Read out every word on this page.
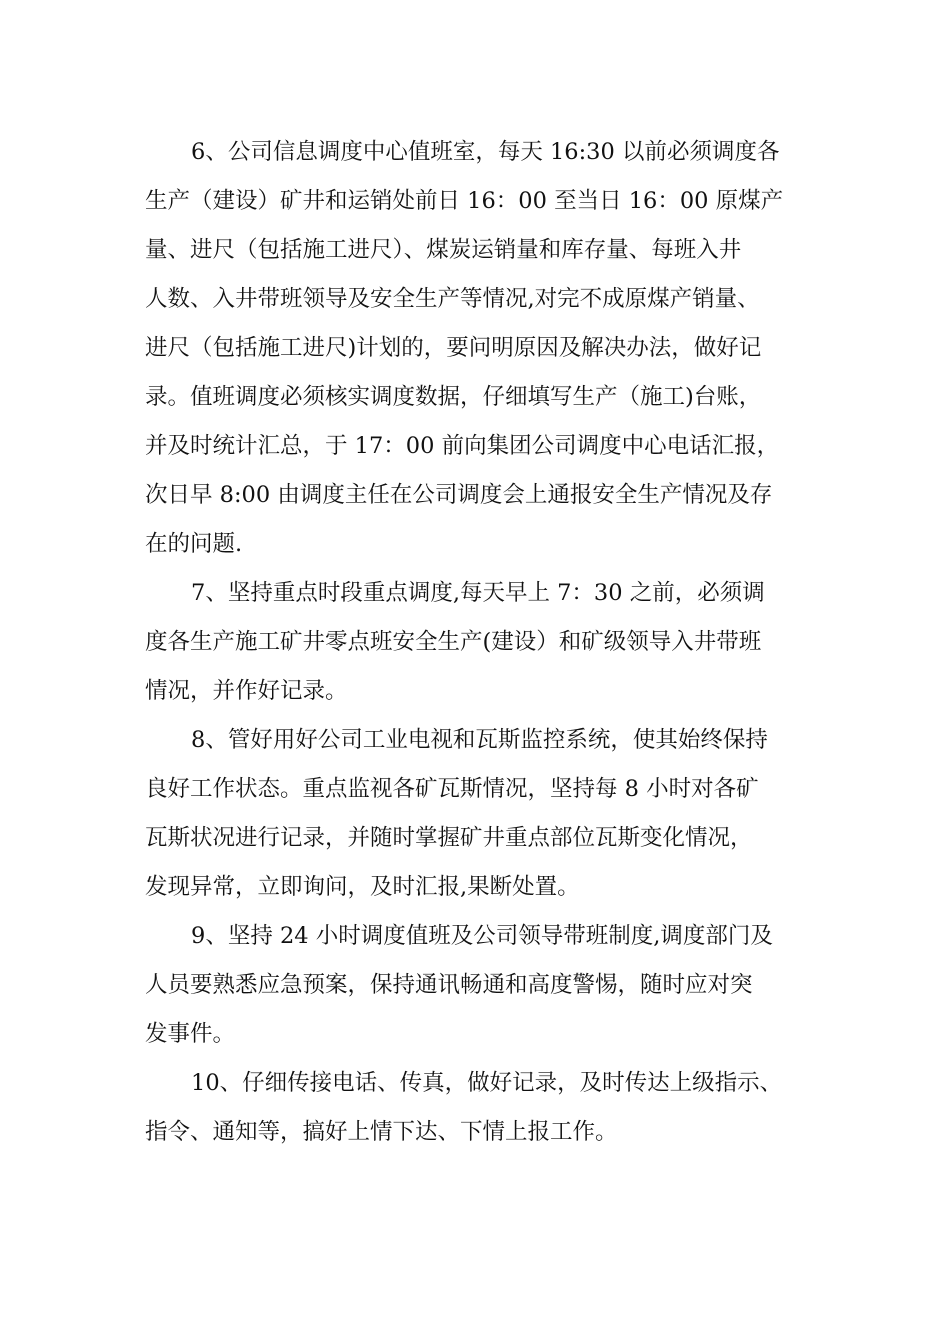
6、公司信息调度中心值班室，每天 16:30 以前必须调度各
生产（建设）矿井和运销处前日 16：00 至当日 16：00 原煤产
量、进尺（包括施工进尺）、煤炭运销量和库存量、每班入井
人数、入井带班领导及安全生产等情况,对完不成原煤产销量、
进尺（包括施工进尺)计划的，要问明原因及解决办法，做好记
录。值班调度必须核实调度数据，仔细填写生产（施工)台账，
并及时统计汇总，于 17：00 前向集团公司调度中心电话汇报，
次日早 8:00 由调度主任在公司调度会上通报安全生产情况及存
在的问题.
7、坚持重点时段重点调度,每天早上 7：30 之前，必须调
度各生产施工矿井零点班安全生产(建设）和矿级领导入井带班
情况，并作好记录。
8、管好用好公司工业电视和瓦斯监控系统，使其始终保持
良好工作状态。重点监视各矿瓦斯情况，坚持每 8 小时对各矿
瓦斯状况进行记录，并随时掌握矿井重点部位瓦斯变化情况，
发现异常，立即询问，及时汇报,果断处置。
9、坚持 24 小时调度值班及公司领导带班制度,调度部门及
人员要熟悉应急预案，保持通讯畅通和高度警惕，随时应对突
发事件。
10、仔细传接电话、传真，做好记录，及时传达上级指示、
指令、通知等，搞好上情下达、下情上报工作。
